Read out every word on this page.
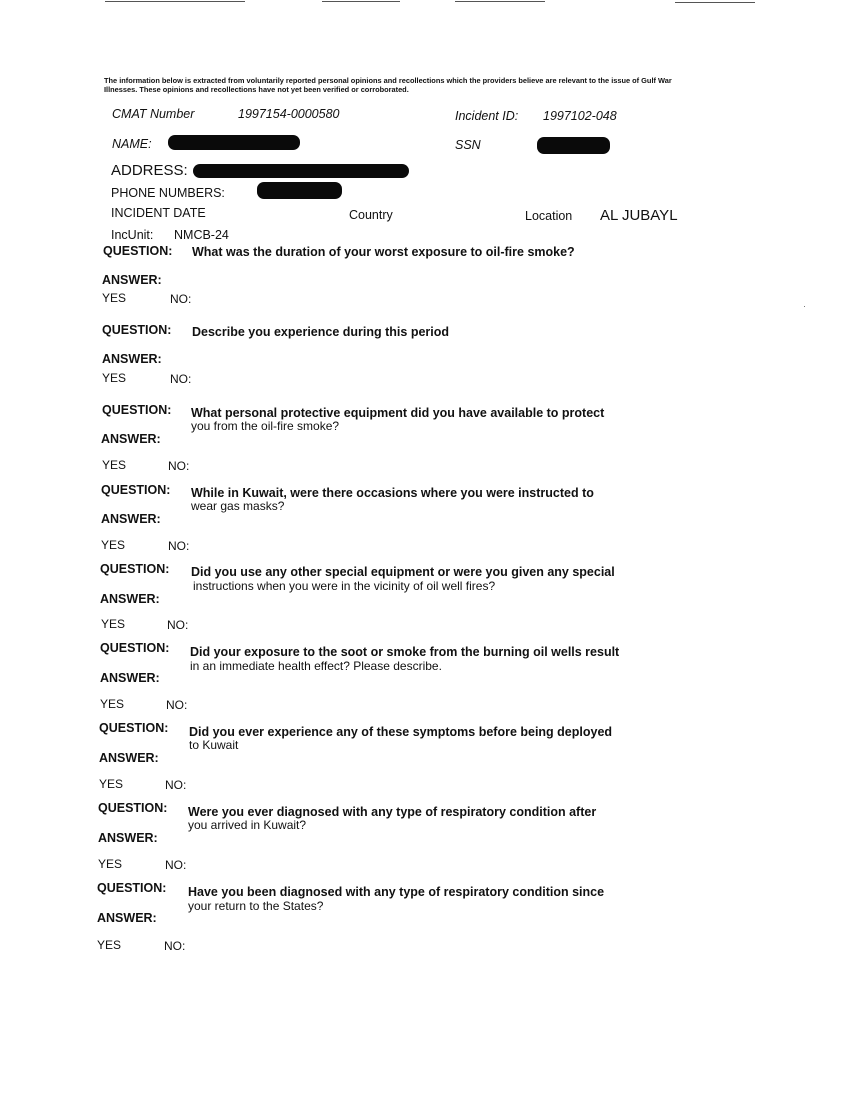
The information below is extracted from voluntarily reported personal opinions and recollections which the providers believe are relevant to the issue of Gulf War Illnesses. These opinions and recollections have not yet been verified or corroborated.
CMAT Number	1997154-0000580	Incident ID: 1997102-048
NAME:	SSN
ADDRESS:
PHONE NUMBERS:
INCIDENT DATE	Country	Location AL JUBAYL
IncUnit: NMCB-24
QUESTION: What was the duration of your worst exposure to oil-fire smoke?
ANSWER:
YES	NO:
QUESTION: Describe you experience during this period
ANSWER:
YES	NO:
QUESTION: What personal protective equipment did you have available to protect
you from the oil-fire smoke?
ANSWER:
YES	NO:
QUESTION: While in Kuwait, were there occasions where you were instructed to
wear gas masks?
ANSWER:
YES	NO:
QUESTION: Did you use any other special equipment or were you given any special
instructions when you were in the vicinity of oil well fires?
ANSWER:
YES	NO:
QUESTION: Did your exposure to the soot or smoke from the burning oil wells result
in an immediate health effect? Please describe.
ANSWER:
YES	NO:
QUESTION: Did you ever experience any of these symptoms before being deployed
to Kuwait
ANSWER:
YES	NO:
QUESTION: Were you ever diagnosed with any type of respiratory condition after
you arrived in Kuwait?
ANSWER:
YES	NO:
QUESTION: Have you been diagnosed with any type of respiratory condition since
your return to the States?
ANSWER:
YES	NO:
